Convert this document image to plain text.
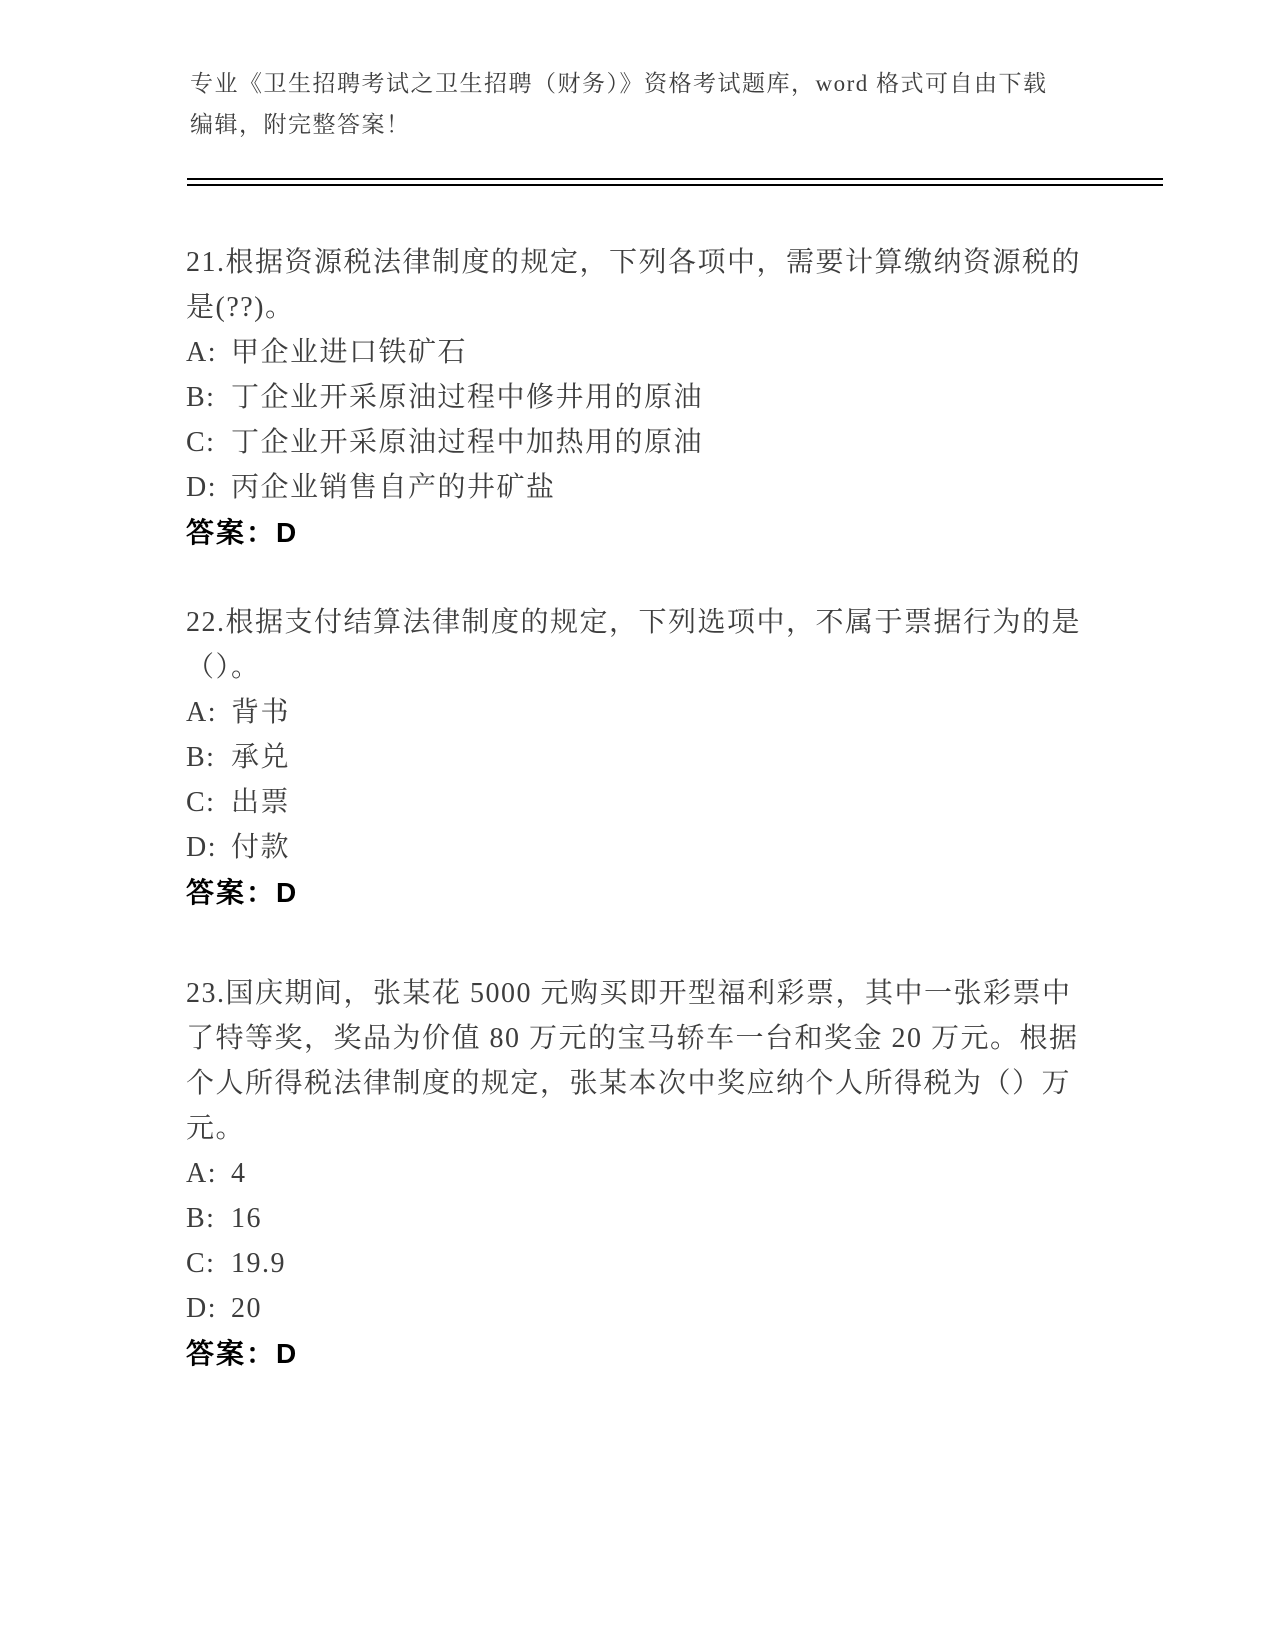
专业《卫生招聘考试之卫生招聘（财务）》资格考试题库，word 格式可自由下载
编辑，附完整答案！
21.根据资源税法律制度的规定，下列各项中，需要计算缴纳资源税的
是(??)。
A: 甲企业进口铁矿石
B: 丁企业开采原油过程中修井用的原油
C: 丁企业开采原油过程中加热用的原油
D: 丙企业销售自产的井矿盐
答案：D
22.根据支付结算法律制度的规定，下列选项中，不属于票据行为的是
（）。
A: 背书
B: 承兑
C: 出票
D: 付款
答案：D
23.国庆期间，张某花 5000 元购买即开型福利彩票，其中一张彩票中
了特等奖，奖品为价值 80 万元的宝马轿车一台和奖金 20 万元。根据
个人所得税法律制度的规定，张某本次中奖应纳个人所得税为（）万
元。
A: 4
B: 16
C: 19.9
D: 20
答案：D
